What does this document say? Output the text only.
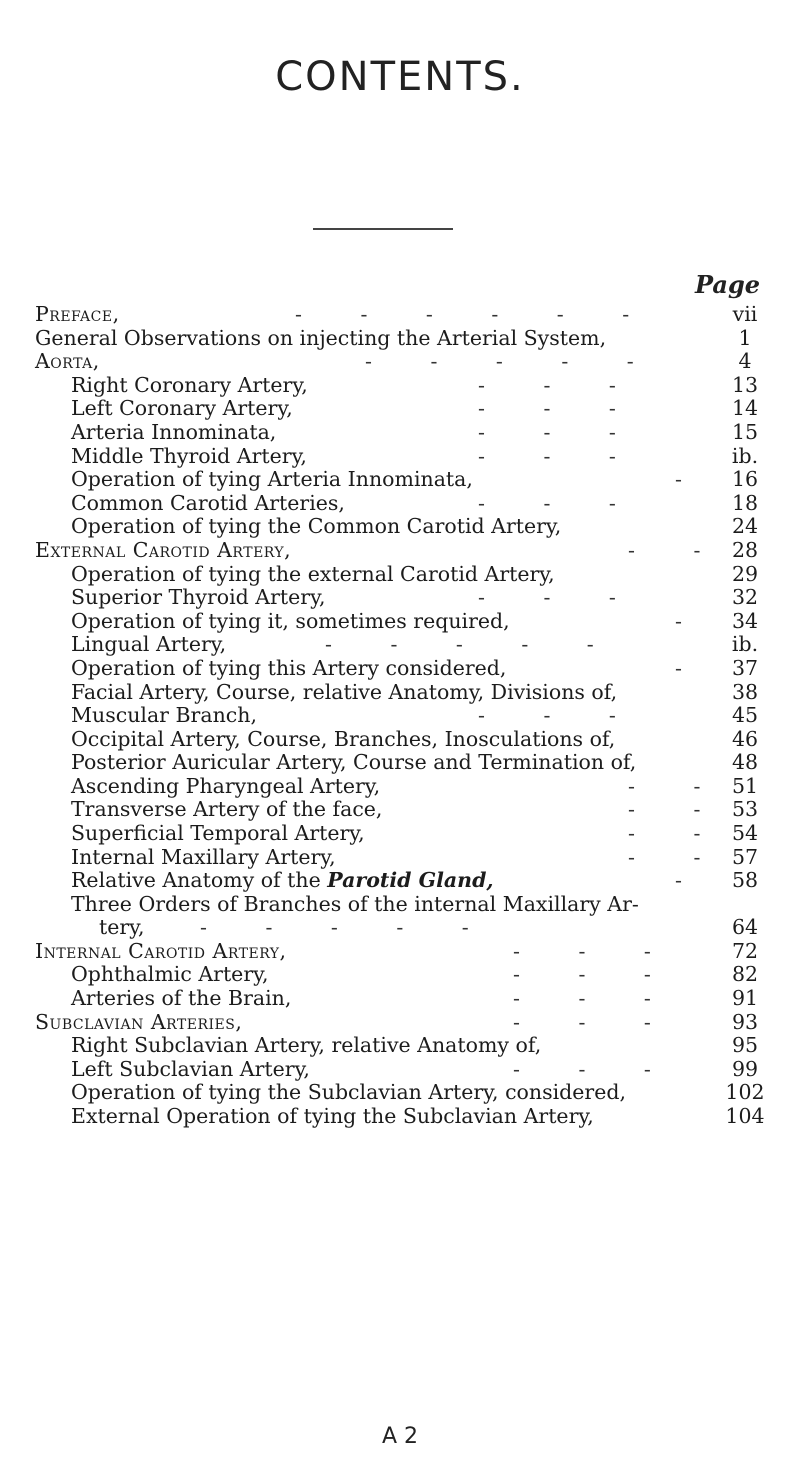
CONTENTS.
Page
Preface,	- - - - - -	vii
General Observations on injecting the Arterial System,	1
Aorta,	- - - - -	4
Right Coronary Artery,	- - -	13
Left Coronary Artery,	- - -	14
Arteria Innominata,	- - -	15
Middle Thyroid Artery,	- - -	ib.
Operation of tying Arteria Innominata,	-	16
Common Carotid Arteries,	- - -	18
Operation of tying the Common Carotid Artery,	24
External Carotid Artery,	- - 28
Operation of tying the external Carotid Artery,	29
Superior Thyroid Artery,	- - -	32
Operation of tying it, sometimes required,	-	34
Lingual Artery,	- - - - -	ib.
Operation of tying this Artery considered,	-	37
Facial Artery, Course, relative Anatomy, Divisions of,	38
Muscular Branch,	- - -	45
Occipital Artery, Course, Branches, Inosculations of,	46
Posterior Auricular Artery, Course and Termination of,	48
Ascending Pharyngeal Artery,	- - 51
Transverse Artery of the face,	- - 53
Superficial Temporal Artery,	- - 54
Internal Maxillary Artery,	- - 57
Relative Anatomy of the Parotid Gland,	-	58
Three Orders of Branches of the internal Maxillary Ar-
tery,	- - - - -	64
Internal Carotid Artery,	- - -	72
Ophthalmic Artery,	- - -	82
Arteries of the Brain,	- - -	91
Subclavian Arteries,	- - -	93
Right Subclavian Artery, relative Anatomy of,	95
Left Subclavian Artery,	- - -	99
Operation of tying the Subclavian Artery, considered,	102
External Operation of tying the Subclavian Artery,	104
A 2
